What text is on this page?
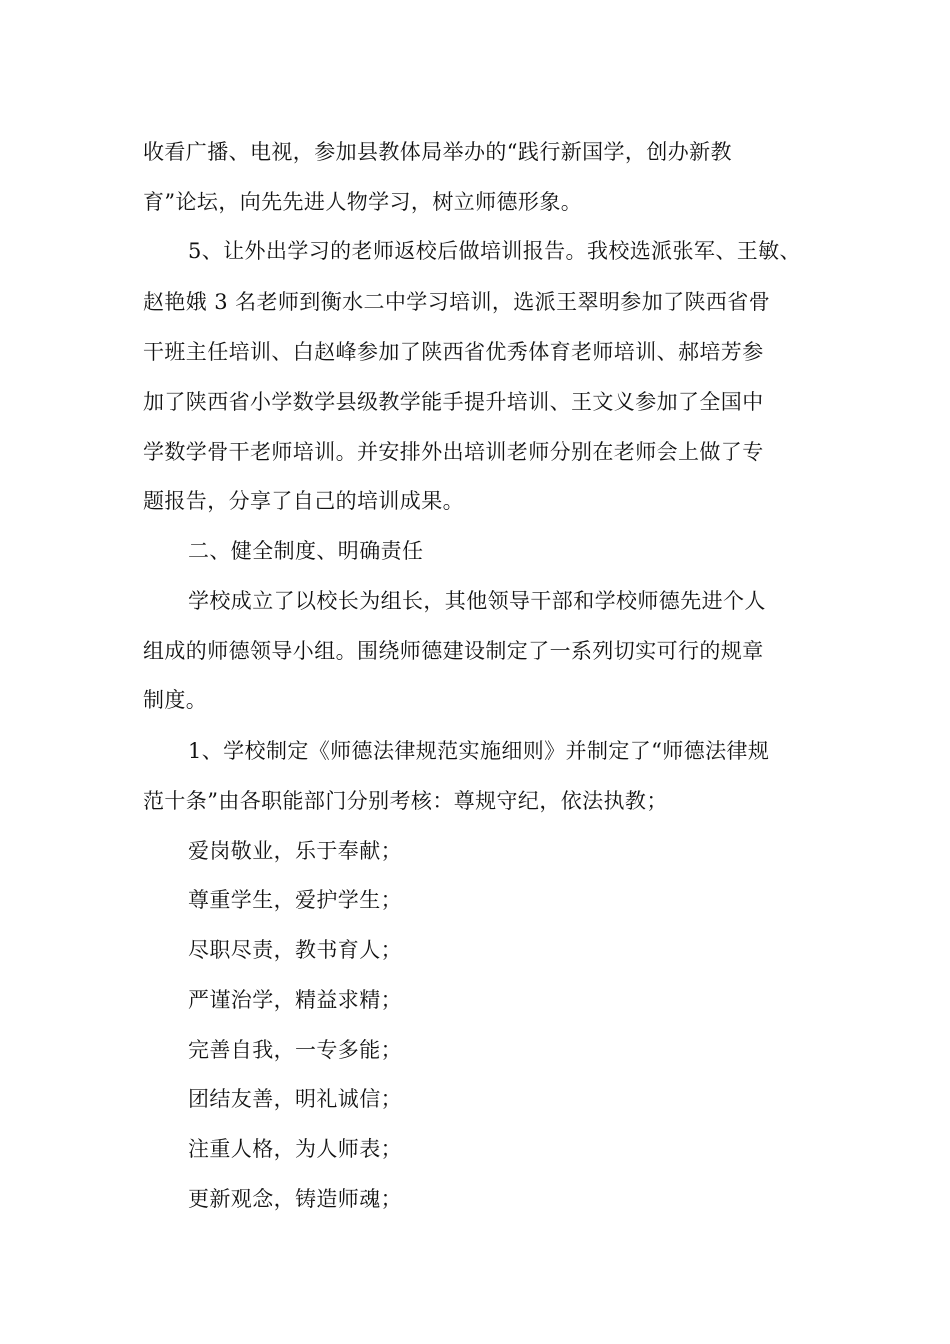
收看广播、电视，参加县教体局举办的“践行新国学，创办新教
育”论坛，向先先进人物学习，树立师德形象。
5、让外出学习的老师返校后做培训报告。我校选派张军、王敏、
赵艳娥 3 名老师到衡水二中学习培训，选派王翠明参加了陕西省骨
干班主任培训、白赵峰参加了陕西省优秀体育老师培训、郝培芳参
加了陕西省小学数学县级教学能手提升培训、王文义参加了全国中
学数学骨干老师培训。并安排外出培训老师分别在老师会上做了专
题报告，分享了自己的培训成果。
二、健全制度、明确责任
学校成立了以校长为组长，其他领导干部和学校师德先进个人
组成的师德领导小组。围绕师德建设制定了一系列切实可行的规章
制度。
1、学校制定《师德法律规范实施细则》并制定了“师德法律规
范十条”由各职能部门分别考核：尊规守纪，依法执教；
爱岗敬业，乐于奉献；
尊重学生，爱护学生；
尽职尽责，教书育人；
严谨治学，精益求精；
完善自我，一专多能；
团结友善，明礼诚信；
注重人格，为人师表；
更新观念，铸造师魂；
